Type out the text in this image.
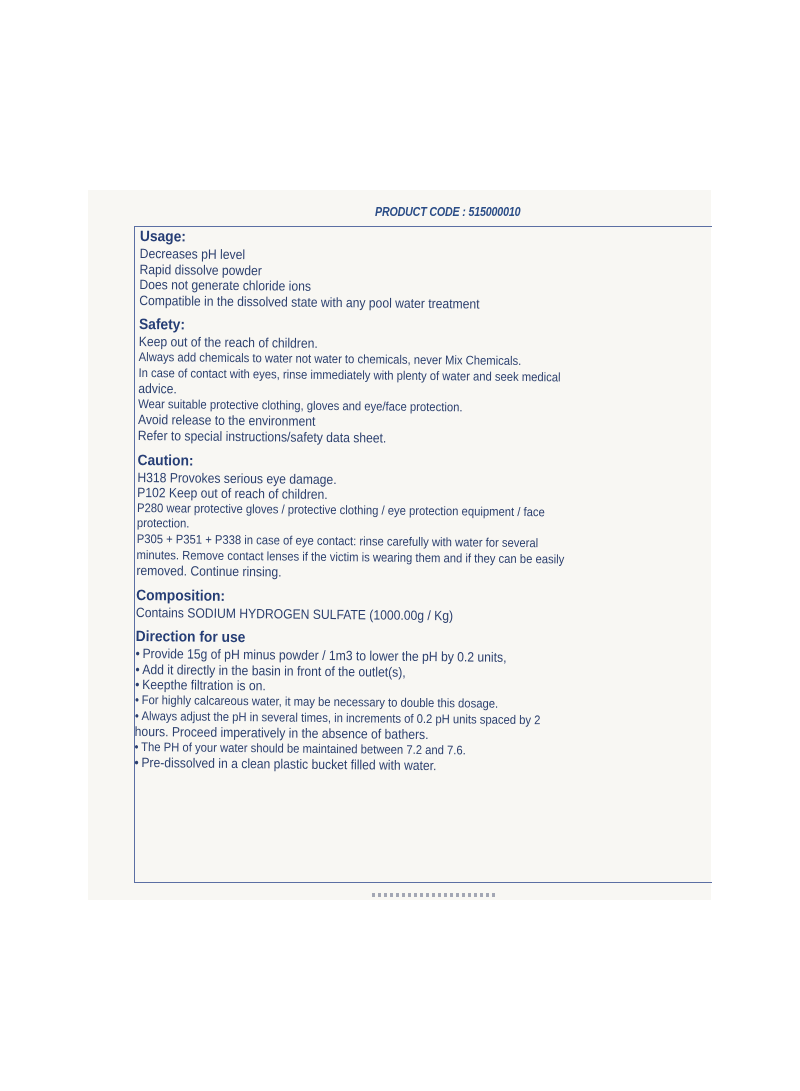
PRODUCT CODE : 515000010

Usage:

Decreases pH level

Rapid dissolve powder

Does not generate chloride ions

Compatible in the dissolved state with any pool water treatment

Safety:

Keep out of the reach of children.

Always add chemicals to water not water to chemicals, never Mix Chemicals.

In case of contact with eyes, rinse immediately with plenty of water and seek medical

advice.

Wear suitable protective clothing, gloves and eye/face protection.

Avoid release to the environment

Refer to special instructions/safety data sheet.

Caution:

H318 Provokes serious eye damage.

P102 Keep out of reach of children.

P280 wear protective gloves / protective clothing / eye protection equipment / face

protection.

P305 + P351 + P338 in case of eye contact: rinse carefully with water for several

minutes. Remove contact lenses if the victim is wearing them and if they can be easily

removed. Continue rinsing.

Composition:

Contains SODIUM HYDROGEN SULFATE (1000.00g / Kg)

Direction for use

• Provide 15g of pH minus powder / 1m3 to lower the pH by 0.2 units,

• Add it directly in the basin in front of the outlet(s),

• Keepthe filtration is on.

• For highly calcareous water, it may be necessary to double this dosage.

• Always adjust the pH in several times, in increments of 0.2 pH units spaced by 2

hours. Proceed imperatively in the absence of bathers.

• The PH of your water should be maintained between 7.2 and 7.6.

• Pre-dissolved in a clean plastic bucket filled with water.
